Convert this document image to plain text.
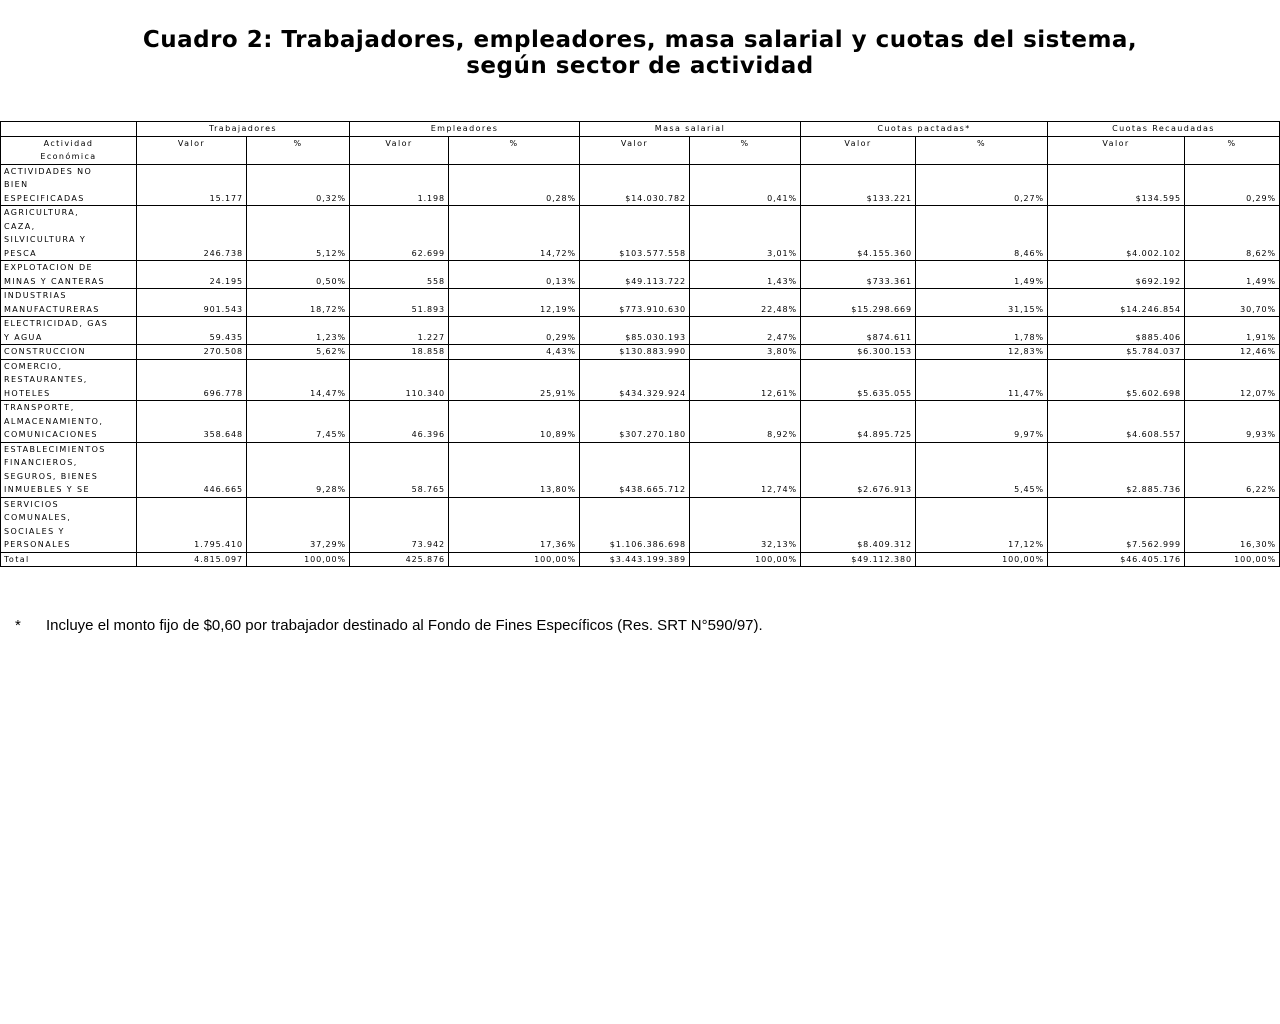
Cuadro 2: Trabajadores, empleadores, masa salarial y cuotas del sistema,
según sector de actividad
	Trabajadores		Empleadores		Masa salarial		Cuotas pactadas*		Cuotas Recaudadas	

Actividad
Económica	Valor	%	Valor	%	Valor	%	Valor	%	Valor	%

ACTIVIDADES NO
BIEN
ESPECIFICADAS	15.177	0,32%	1.198	0,28%	$14.030.782	0,41%	$133.221	0,27%	$134.595	0,29%

AGRICULTURA,
CAZA,
SILVICULTURA Y
PESCA	246.738	5,12%	62.699	14,72%	$103.577.558	3,01%	$4.155.360	8,46%	$4.002.102	8,62%

EXPLOTACION DE
MINAS Y CANTERAS	24.195	0,50%	558	0,13%	$49.113.722	1,43%	$733.361	1,49%	$692.192	1,49%

INDUSTRIAS
MANUFACTURERAS	901.543	18,72%	51.893	12,19%	$773.910.630	22,48%	$15.298.669	31,15%	$14.246.854	30,70%

ELECTRICIDAD, GAS
Y AGUA	59.435	1,23%	1.227	0,29%	$85.030.193	2,47%	$874.611	1,78%	$885.406	1,91%

CONSTRUCCION	270.508	5,62%	18.858	4,43%	$130.883.990	3,80%	$6.300.153	12,83%	$5.784.037	12,46%

COMERCIO,
RESTAURANTES,
HOTELES	696.778	14,47%	110.340	25,91%	$434.329.924	12,61%	$5.635.055	11,47%	$5.602.698	12,07%

TRANSPORTE,
ALMACENAMIENTO,
COMUNICACIONES	358.648	7,45%	46.396	10,89%	$307.270.180	8,92%	$4.895.725	9,97%	$4.608.557	9,93%

ESTABLECIMIENTOS
FINANCIEROS,
SEGUROS, BIENES
INMUEBLES Y SE	446.665	9,28%	58.765	13,80%	$438.665.712	12,74%	$2.676.913	5,45%	$2.885.736	6,22%

SERVICIOS
COMUNALES,
SOCIALES Y
PERSONALES	1.795.410	37,29%	73.942	17,36%	$1.106.386.698	32,13%	$8.409.312	17,12%	$7.562.999	16,30%
Total	4.815.097	100,00%	425.876	100,00%	$3.443.199.389	100,00%	$49.112.380	100,00%	$46.405.176	100,00%
* Incluye el monto fijo de $0,60 por trabajador destinado al Fondo de Fines Específicos (Res. SRT N°590/97).
